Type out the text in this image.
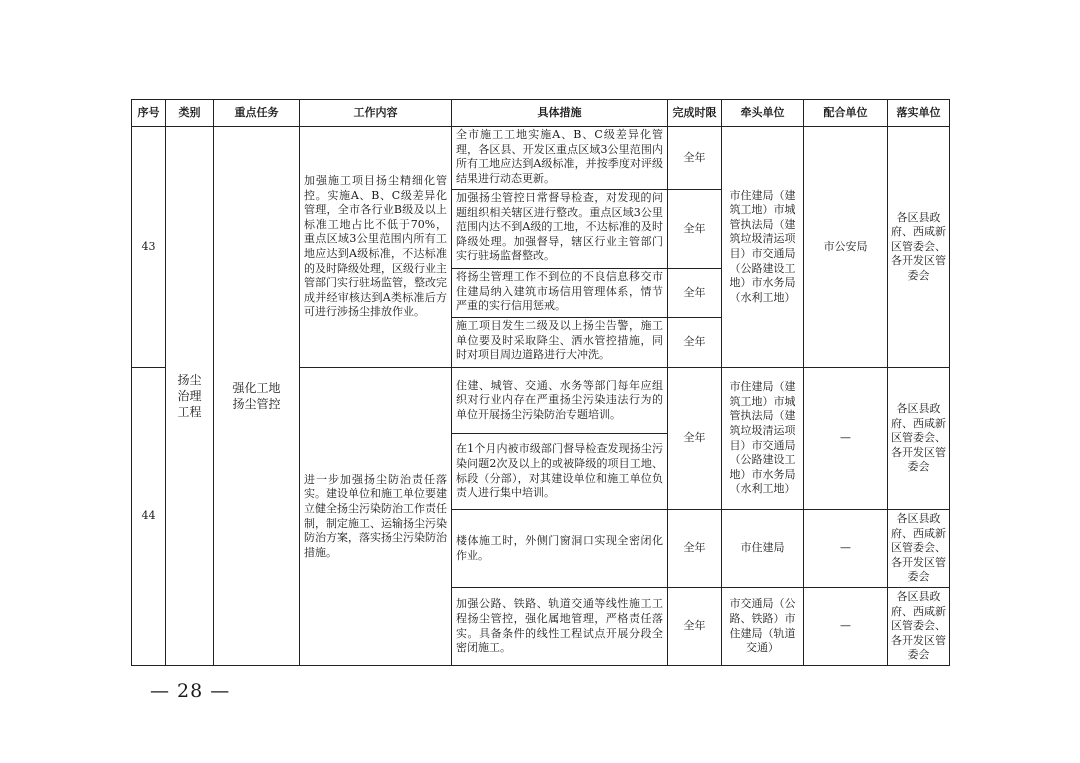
序号	类别	重点任务	工作内容	具体措施	完成时限	牵头单位	配合单位	落实单位
43	扬尘治理工程	强化工地扬尘管控	加强施工项目扬尘精细化管控。实施A、B、C级差异化管理，全市各行业B级及以上标准工地占比不低于70%，重点区域3公里范围内所有工地应达到A级标准，不达标准的及时降级处理，区级行业主管部门实行驻场监管，整改完成并经审核达到A类标准后方可进行涉扬尘排放作业。	全市施工工地实施A、B、C级差异化管理，各区县、开发区重点区域3公里范围内所有工地应达到A级标准，并按季度对评级结果进行动态更新。	全年	市住建局（建筑工地）市城管执法局（建筑垃圾清运项目）市交通局（公路建设工地）市水务局（水利工地）	市公安局	各区县政府、西咸新区管委会、各开发区管委会
				加强扬尘管控日常督导检查，对发现的问题组织相关辖区进行整改。重点区域3公里范围内达不到A级的工地，不达标准的及时降级处理。加强督导，辖区行业主管部门实行驻场监督整改。	全年			
				将扬尘管理工作不到位的不良信息移交市住建局纳入建筑市场信用管理体系，情节严重的实行信用惩戒。	全年			
				施工项目发生二级及以上扬尘告警，施工单位要及时采取降尘、洒水管控措施，同时对项目周边道路进行大冲洗。	全年			
44			进一步加强扬尘防治责任落实。建设单位和施工单位要建立健全扬尘污染防治工作责任制，制定施工、运输扬尘污染防治方案，落实扬尘污染防治措施。	住建、城管、交通、水务等部门每年应组织对行业内存在严重扬尘污染违法行为的单位开展扬尘污染防治专题培训。	全年	市住建局（建筑工地）市城管执法局（建筑垃圾清运项目）市交通局（公路建设工地）市水务局（水利工地）	—	各区县政府、西咸新区管委会、各开发区管委会
				在1个月内被市级部门督导检查发现扬尘污染问题2次及以上的或被降级的项目工地、标段（分部），对其建设单位和施工单位负责人进行集中培训。				
				楼体施工时，外侧门窗洞口实现全密闭化作业。	全年	市住建局	—	各区县政府、西咸新区管委会、各开发区管委会
				加强公路、铁路、轨道交通等线性施工工程扬尘管控，强化属地管理，严格责任落实。具备条件的线性工程试点开展分段全密闭施工。	全年	市交通局（公路、铁路）市住建局（轨道交通）	—	各区县政府、西咸新区管委会、各开发区管委会
— 28 —
